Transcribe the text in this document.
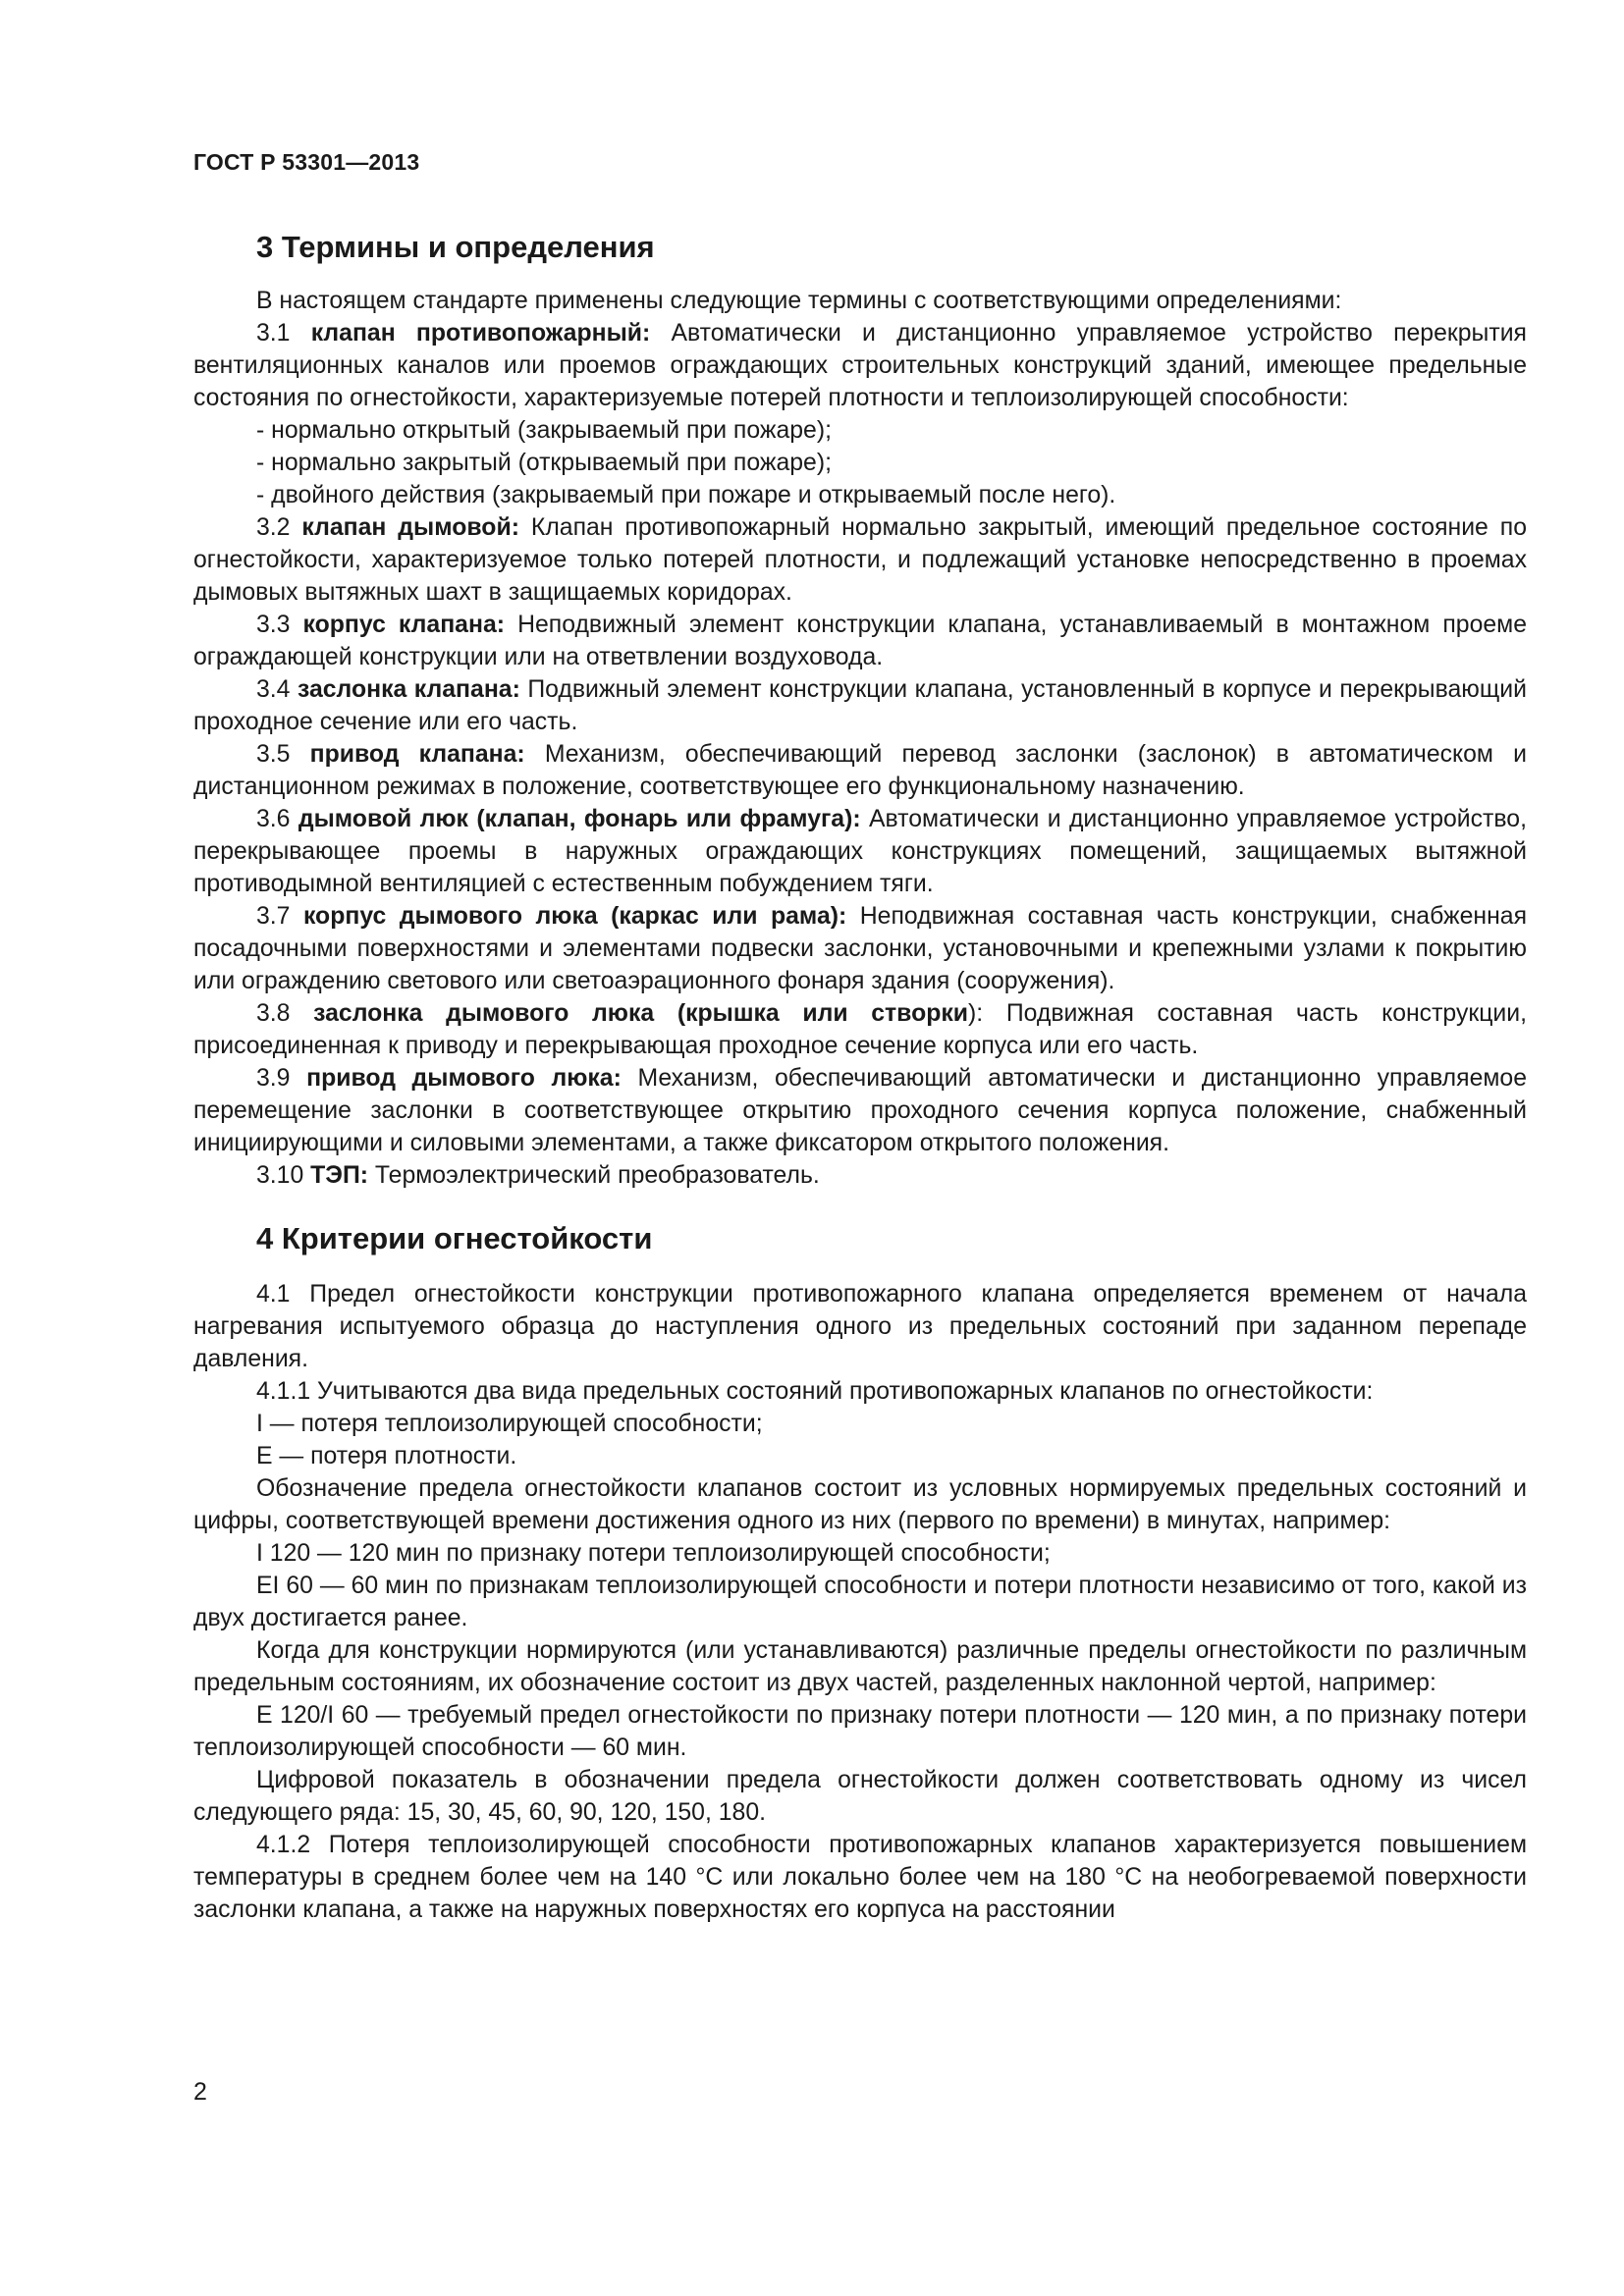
ГОСТ Р 53301—2013
3 Термины и определения

В настоящем стандарте применены следующие термины с соответствующими определениями:

3.1 клапан противопожарный: Автоматически и дистанционно управляемое устройство перекрытия вентиляционных каналов или проемов ограждающих строительных конструкций зданий, имеющее предельные состояния по огнестойкости, характеризуемые потерей плотности и теплоизолирующей способности:

- нормально открытый (закрываемый при пожаре);

- нормально закрытый (открываемый при пожаре);

- двойного действия (закрываемый при пожаре и открываемый после него).

3.2 клапан дымовой: Клапан противопожарный нормально закрытый, имеющий предельное состояние по огнестойкости, характеризуемое только потерей плотности, и подлежащий установке непосредственно в проемах дымовых вытяжных шахт в защищаемых коридорах.

3.3 корпус клапана: Неподвижный элемент конструкции клапана, устанавливаемый в монтажном проеме ограждающей конструкции или на ответвлении воздуховода.

3.4 заслонка клапана: Подвижный элемент конструкции клапана, установленный в корпусе и перекрывающий проходное сечение или его часть.

3.5 привод клапана: Механизм, обеспечивающий перевод заслонки (заслонок) в автоматическом и дистанционном режимах в положение, соответствующее его функциональному назначению.

3.6 дымовой люк (клапан, фонарь или фрамуга): Автоматически и дистанционно управляемое устройство, перекрывающее проемы в наружных ограждающих конструкциях помещений, защищаемых вытяжной противодымной вентиляцией с естественным побуждением тяги.

3.7 корпус дымового люка (каркас или рама): Неподвижная составная часть конструкции, снабженная посадочными поверхностями и элементами подвески заслонки, установочными и крепежными узлами к покрытию или ограждению светового или светоаэрационного фонаря здания (сооружения).

3.8 заслонка дымового люка (крышка или створки): Подвижная составная часть конструкции, присоединенная к приводу и перекрывающая проходное сечение корпуса или его часть.

3.9 привод дымового люка: Механизм, обеспечивающий автоматически и дистанционно управляемое перемещение заслонки в соответствующее открытию проходного сечения корпуса положение, снабженный инициирующими и силовыми элементами, а также фиксатором открытого положения.

3.10 ТЭП: Термоэлектрический преобразователь.

4 Критерии огнестойкости

4.1 Предел огнестойкости конструкции противопожарного клапана определяется временем от начала нагревания испытуемого образца до наступления одного из предельных состояний при заданном перепаде давления.

4.1.1 Учитываются два вида предельных состояний противопожарных клапанов по огнестойкости:

I — потеря теплоизолирующей способности;

E — потеря плотности.

Обозначение предела огнестойкости клапанов состоит из условных нормируемых предельных состояний и цифры, соответствующей времени достижения одного из них (первого по времени) в минутах, например:

I 120 — 120 мин по признаку потери теплоизолирующей способности;

EI 60 — 60 мин по признакам теплоизолирующей способности и потери плотности независимо от того, какой из двух достигается ранее.

Когда для конструкции нормируются (или устанавливаются) различные пределы огнестойкости по различным предельным состояниям, их обозначение состоит из двух частей, разделенных наклонной чертой, например:

E 120/I 60 — требуемый предел огнестойкости по признаку потери плотности — 120 мин, а по признаку потери теплоизолирующей способности — 60 мин.

Цифровой показатель в обозначении предела огнестойкости должен соответствовать одному из чисел следующего ряда: 15, 30, 45, 60, 90, 120, 150, 180.

4.1.2 Потеря теплоизолирующей способности противопожарных клапанов характеризуется повышением температуры в среднем более чем на 140 °С или локально более чем на 180 °С на необогреваемой поверхности заслонки клапана, а также на наружных поверхностях его корпуса на расстоянии

2
